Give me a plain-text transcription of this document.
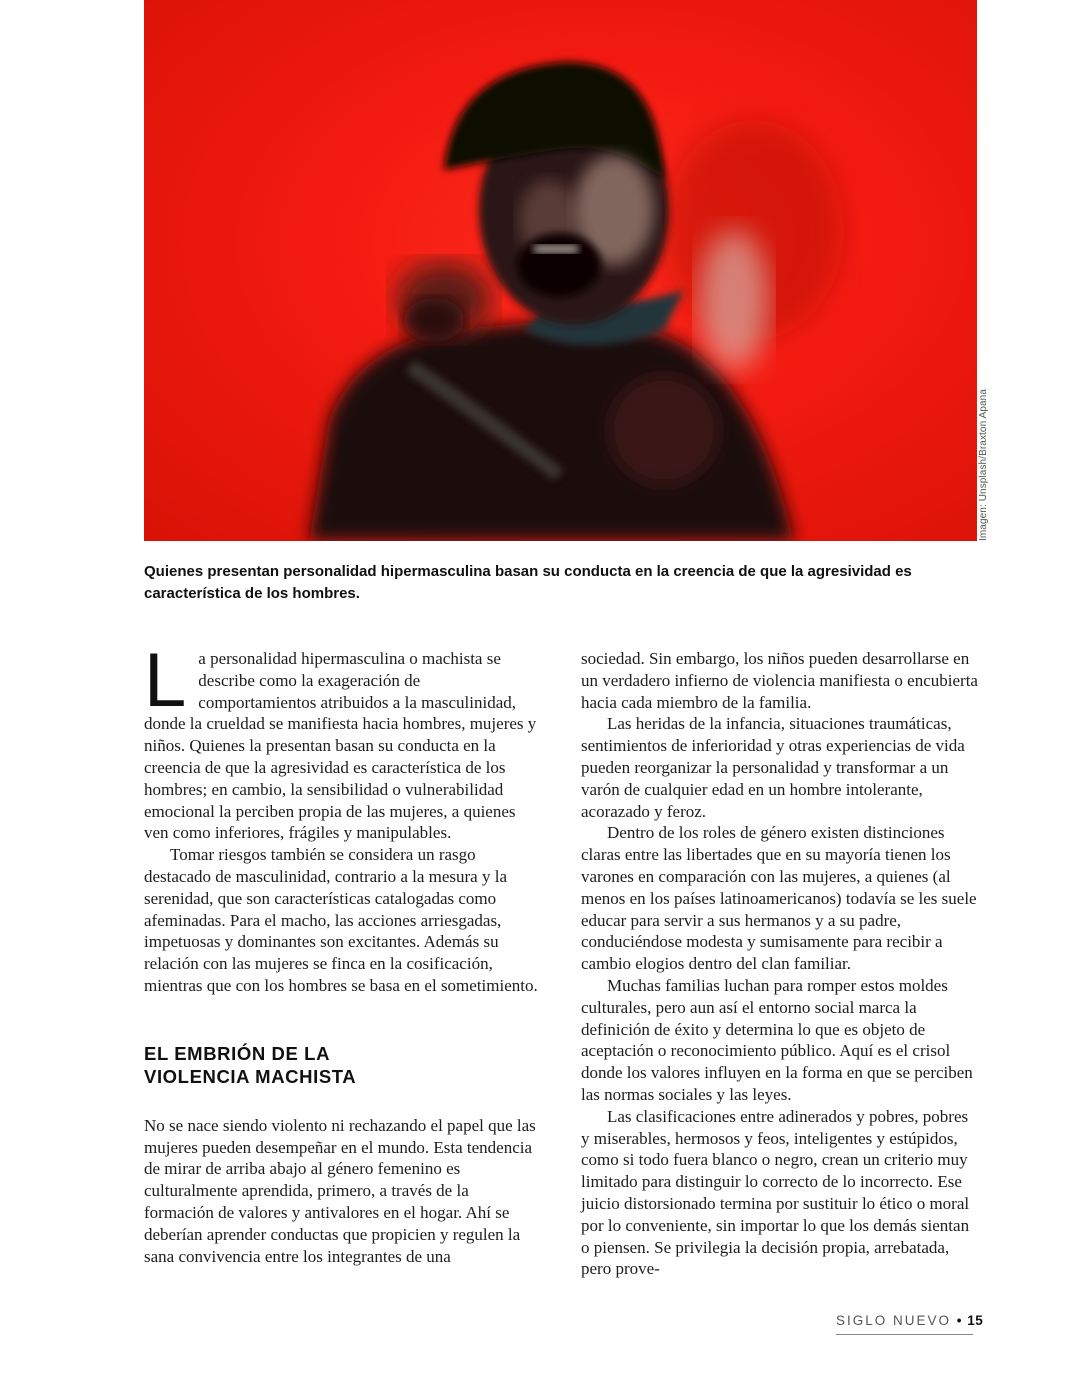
Imagen: Unsplash/Braxton Apana
Quienes presentan personalidad hipermasculina basan su conducta en la creencia de que la agresividad es característica de los hombres.

La personalidad hipermasculina o machista se describe como la exageración de comportamientos atribuidos a la masculinidad, donde la crueldad se manifiesta hacia hombres, mujeres y niños. Quienes la presentan basan su conducta en la creencia de que la agresividad es característica de los hombres; en cambio, la sensibilidad o vulnerabilidad emocional la perciben propia de las mujeres, a quienes ven como inferiores, frágiles y manipulables.

Tomar riesgos también se considera un rasgo destacado de masculinidad, contrario a la mesura y la serenidad, que son características catalogadas como afeminadas. Para el macho, las acciones arriesgadas, impetuosas y dominantes son excitantes. Además su relación con las mujeres se finca en la cosificación, mientras que con los hombres se basa en el sometimiento.

EL EMBRIÓN DE LA
VIOLENCIA MACHISTA

No se nace siendo violento ni rechazando el papel que las mujeres pueden desempeñar en el mundo. Esta tendencia de mirar de arriba abajo al género femenino es culturalmente aprendida, primero, a través de la formación de valores y antivalores en el hogar. Ahí se deberían aprender conductas que propicien y regulen la sana convivencia entre los integrantes de una

sociedad. Sin embargo, los niños pueden desarrollarse en un verdadero infierno de violencia manifiesta o encubierta hacia cada miembro de la familia.

Las heridas de la infancia, situaciones traumáticas, sentimientos de inferioridad y otras experiencias de vida pueden reorganizar la personalidad y transformar a un varón de cualquier edad en un hombre intolerante, acorazado y feroz.

Dentro de los roles de género existen distinciones claras entre las libertades que en su mayoría tienen los varones en comparación con las mujeres, a quienes (al menos en los países latinoamericanos) todavía se les suele educar para servir a sus hermanos y a su padre, conduciéndose modesta y sumisamente para recibir a cambio elogios dentro del clan familiar.

Muchas familias luchan para romper estos moldes culturales, pero aun así el entorno social marca la definición de éxito y determina lo que es objeto de aceptación o reconocimiento público. Aquí es el crisol donde los valores influyen en la forma en que se perciben las normas sociales y las leyes.

Las clasificaciones entre adinerados y pobres, pobres y miserables, hermosos y feos, inteligentes y estúpidos, como si todo fuera blanco o negro, crean un criterio muy limitado para distinguir lo correcto de lo incorrecto. Ese juicio distorsionado termina por sustituir lo ético o moral por lo conveniente, sin importar lo que los demás sientan o piensen. Se privilegia la decisión propia, arrebatada, pero prove-

SIGLO NUEVO • 15
